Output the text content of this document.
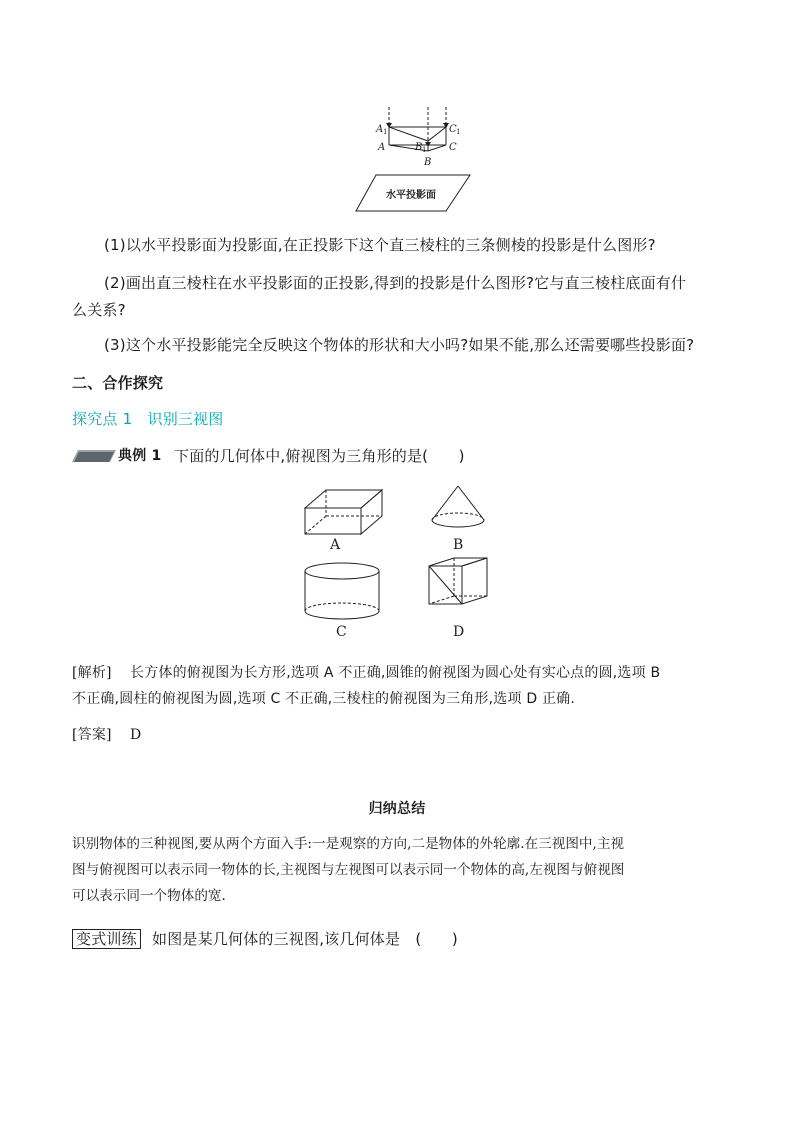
A 1	C 1
A	B 1 C
B
水平投影面
(1)以水平投影面为投影面,在正投影下这个直三棱柱的三条侧棱的投影是什么图形?
(2)画出直三棱柱在水平投影面的正投影,得到的投影是什么图形?它与直三棱柱底面有什
么关系?
(3)这个水平投影能完全反映这个物体的形状和大小吗?如果不能,那么还需要哪些投影面?
二、合作探究
探究点 1　识别三视图
典例 1 下面的几何体中,俯视图为三角形的是(　　)
A	B
C	D
[解析] 长方体的俯视图为长方形,选项 A 不正确,圆锥的俯视图为圆心处有实心点的圆,选项 B
不正确,圆柱的俯视图为圆,选项 C 不正确,三棱柱的俯视图为三角形,选项 D 正确.
[答案] D
归纳总结
识别物体的三种视图,要从两个方面入手:一是观察的方向,二是物体的外轮廓.在三视图中,主视
图与俯视图可以表示同一物体的长,主视图与左视图可以表示同一个物体的高,左视图与俯视图
可以表示同一个物体的宽.
变式训练 如图是某几何体的三视图,该几何体是　(　　)
